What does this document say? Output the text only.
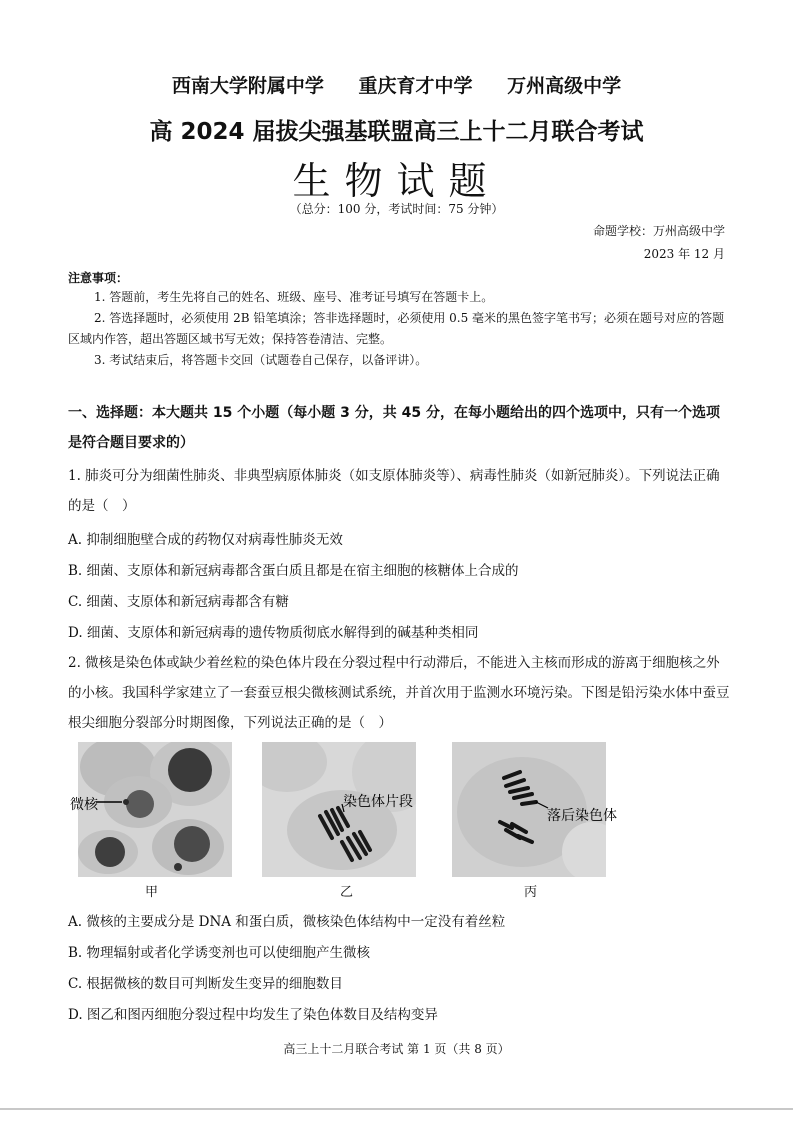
西南大学附属中学 重庆育才中学 万州高级中学
高 2024 届拔尖强基联盟高三上十二月联合考试
生物试题
（总分：100 分，考试时间：75 分钟）
命题学校：万州高级中学
2023 年 12 月
注意事项：
1. 答题前，考生先将自己的姓名、班级、座号、准考证号填写在答题卡上。
2. 答选择题时，必须使用 2B 铅笔填涂；答非选择题时，必须使用 0.5 毫米的黑色签字笔书写；必须在题号对应的答题区域内作答，超出答题区域书写无效；保持答卷清洁、完整。
3. 考试结束后，将答题卡交回（试题卷自己保存，以备评讲）。
一、选择题：本大题共 15 个小题（每小题 3 分，共 45 分，在每小题给出的四个选项中，只有一个选项是符合题目要求的）
1. 肺炎可分为细菌性肺炎、非典型病原体肺炎（如支原体肺炎等）、病毒性肺炎（如新冠肺炎）。下列说法正确的是（　）
A. 抑制细胞壁合成的药物仅对病毒性肺炎无效
B. 细菌、支原体和新冠病毒都含蛋白质且都是在宿主细胞的核糖体上合成的
C. 细菌、支原体和新冠病毒都含有糖
D. 细菌、支原体和新冠病毒的遗传物质彻底水解得到的碱基种类相同
2. 微核是染色体或缺少着丝粒的染色体片段在分裂过程中行动滞后，不能进入主核而形成的游离于细胞核之外的小核。我国科学家建立了一套蚕豆根尖微核测试系统，并首次用于监测水环境污染。下图是铅污染水体中蚕豆根尖细胞分裂部分时期图像，下列说法正确的是（　）
微核
甲
染色体片段
乙
落后染色体
丙
A. 微核的主要成分是 DNA 和蛋白质，微核染色体结构中一定没有着丝粒
B. 物理辐射或者化学诱变剂也可以使细胞产生微核
C. 根据微核的数目可判断发生变异的细胞数目
D. 图乙和图丙细胞分裂过程中均发生了染色体数目及结构变异
高三上十二月联合考试 第 1 页（共 8 页）
